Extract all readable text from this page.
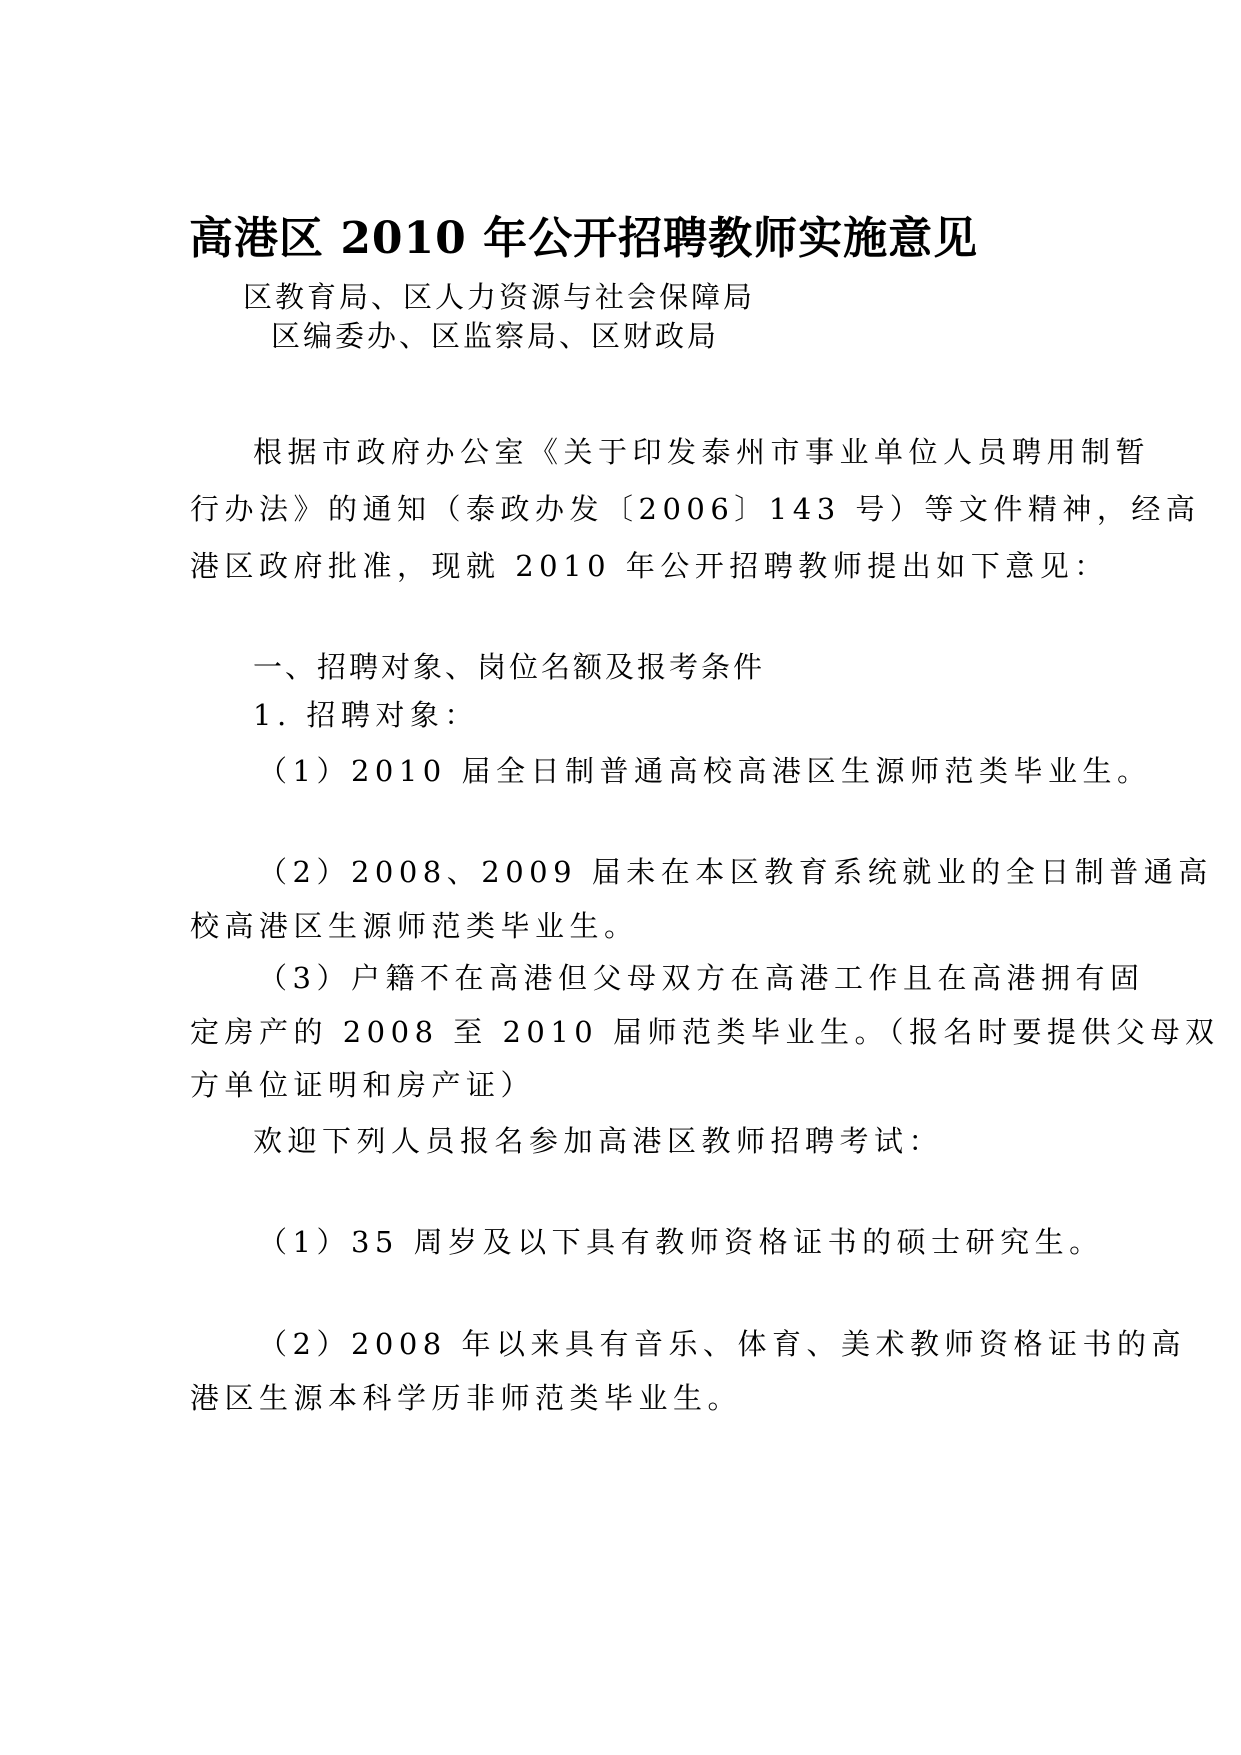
高港区 2010 年公开招聘教师实施意见
区教育局、区人力资源与社会保障局
区编委办、区监察局、区财政局
根据市政府办公室《关于印发泰州市事业单位人员聘用制暂
行办法》的通知（泰政办发〔2006〕143 号）等文件精神，经高
港区政府批准，现就 2010 年公开招聘教师提出如下意见：
一、招聘对象、岗位名额及报考条件
1. 招聘对象：
（1）2010 届全日制普通高校高港区生源师范类毕业生。
（2）2008、2009 届未在本区教育系统就业的全日制普通高
校高港区生源师范类毕业生。
（3）户籍不在高港但父母双方在高港工作且在高港拥有固
定房产的 2008 至 2010 届师范类毕业生。（报名时要提供父母双
方单位证明和房产证）
欢迎下列人员报名参加高港区教师招聘考试：
（1）35 周岁及以下具有教师资格证书的硕士研究生。
（2）2008 年以来具有音乐、体育、美术教师资格证书的高
港区生源本科学历非师范类毕业生。
